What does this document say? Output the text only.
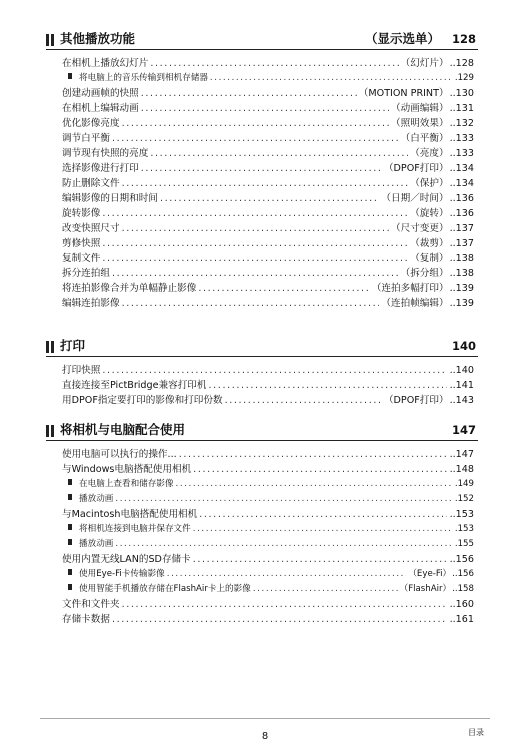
其他播放功能	（显示选单） 128
在相机上播放幻灯片 .....	（幻灯片） ..128
将电脑上的音乐传输到相机存储器 .....	.129
创建动画帧的快照 .....	（MOTION PRINT） ..130
在相机上编辑动画 .....	（动画编辑） ..131
优化影像亮度 .....	（照明效果） ..132
调节白平衡 .....	（白平衡） ..133
调节现有快照的亮度 .....	（亮度） ..133
选择影像进行打印 .....	（DPOF打印） ..134
防止删除文件 .....	（保护） ..134
编辑影像的日期和时间 .....	（日期／时间） ..136
旋转影像 .....	（旋转） ..136
改变快照尺寸 .....	（尺寸变更） ..137
剪修快照 .....	（裁剪） ..137
复制文件 .....	（复制） ..138
拆分连拍组 .....	（拆分组） ..138
将连拍影像合并为单幅静止影像 .....	（连拍多幅打印） ..139
编辑连拍影像 .....	（连拍帧编辑） ..139
打印	140
打印快照 .....	..140
直接连接至PictBridge兼容打印机 .....	..141
用DPOF指定要打印的影像和打印份数 .....	（DPOF打印） ..143
将相机与电脑配合使用	147
使用电脑可以执行的操作... .....	..147
与Windows电脑搭配使用相机 .....	..148
在电脑上查看和储存影像 .....	.149
播放动画 .....	.152
与Macintosh电脑搭配使用相机 .....	..153
将相机连接到电脑并保存文件 .....	.153
播放动画 .....	.155
使用内置无线LAN的SD存储卡 .....	..156
使用Eye-Fi卡传输影像 .....	（Eye-Fi） ..156
使用智能手机播放存储在FlashAir卡上的影像 .....	（FlashAir） ..158
文件和文件夹 .....	..160
存储卡数据 .....	..161
8	目录
